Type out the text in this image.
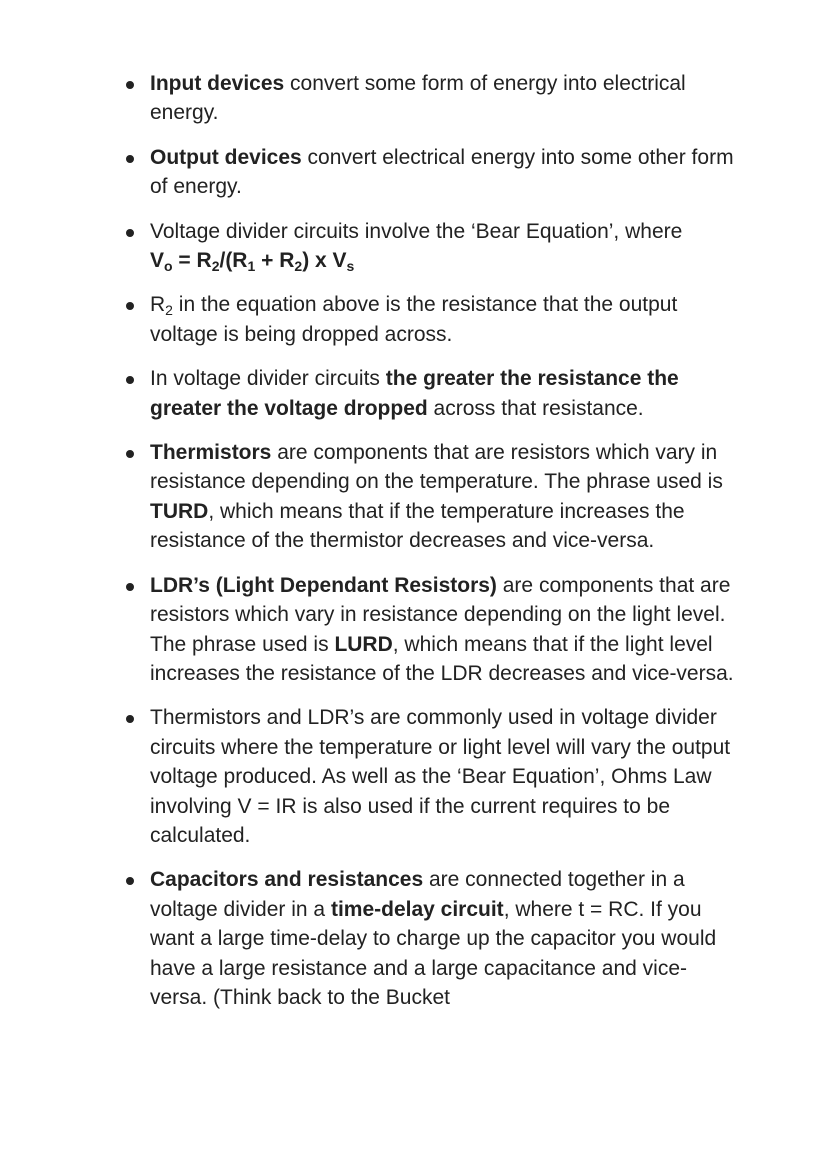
Input devices convert some form of energy into electrical energy.
Output devices convert electrical energy into some other form of energy.
Voltage divider circuits involve the ‘Bear Equation’, where
$V_o = R_2/(R_1 + R_2)$ x $V_s$
$R_2$ in the equation above is the resistance that the output voltage is being dropped across.
In voltage divider circuits the greater the resistance the greater the voltage dropped across that resistance.
Thermistors are components that are resistors which vary in resistance depending on the temperature. The phrase used is TURD, which means that if the temperature increases the resistance of the thermistor decreases and vice-versa.
LDR’s (Light Dependant Resistors) are components that are resistors which vary in resistance depending on the light level. The phrase used is LURD, which means that if the light level increases the resistance of the LDR decreases and vice-versa.
Thermistors and LDR’s are commonly used in voltage divider circuits where the temperature or light level will vary the output voltage produced. As well as the ‘Bear Equation’, Ohms Law involving V = IR is also used if the current requires to be calculated.
Capacitors and resistances are connected together in a voltage divider in a time-delay circuit, where t = RC. If you want a large time-delay to charge up the capacitor you would have a large resistance and a large capacitance and vice-versa. (Think back to the Bucket
